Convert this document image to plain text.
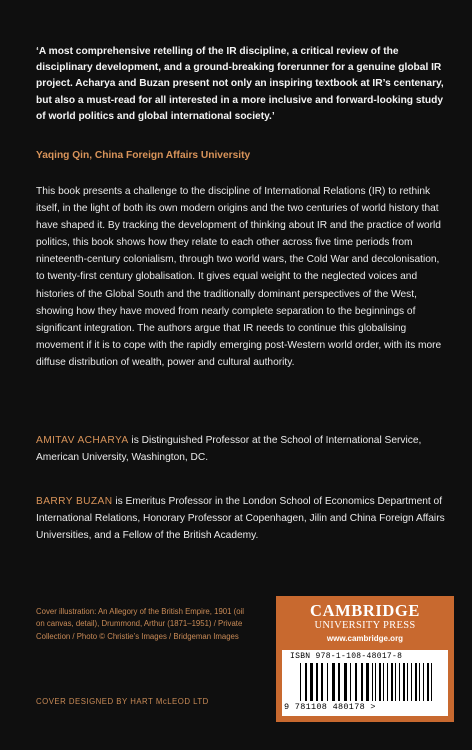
‘A most comprehensive retelling of the IR discipline, a critical review of the disciplinary development, and a ground-breaking forerunner for a genuine global IR project. Acharya and Buzan present not only an inspiring textbook at IR’s centenary, but also a must-read for all interested in a more inclusive and forward-looking study of world politics and global international society.’
Yaqing Qin, China Foreign Affairs University
This book presents a challenge to the discipline of International Relations (IR) to rethink itself, in the light of both its own modern origins and the two centuries of world history that have shaped it. By tracking the development of thinking about IR and the practice of world politics, this book shows how they relate to each other across five time periods from nineteenth-century colonialism, through two world wars, the Cold War and decolonisation, to twenty-first century globalisation. It gives equal weight to the neglected voices and histories of the Global South and the traditionally dominant perspectives of the West, showing how they have moved from nearly complete separation to the beginnings of significant integration. The authors argue that IR needs to continue this globalising movement if it is to cope with the rapidly emerging post-Western world order, with its more diffuse distribution of wealth, power and cultural authority.
AMITAV ACHARYA is Distinguished Professor at the School of International Service, American University, Washington, DC.
BARRY BUZAN is Emeritus Professor in the London School of Economics Department of International Relations, Honorary Professor at Copenhagen, Jilin and China Foreign Affairs Universities, and a Fellow of the British Academy.
Cover illustration: An Allegory of the British Empire, 1901 (oil on canvas, detail), Drummond, Arthur (1871–1951) / Private Collection / Photo © Christie’s Images / Bridgeman Images
COVER DESIGNED BY HART McLEOD LTD
CAMBRIDGE
UNIVERSITY PRESS
www.cambridge.org
ISBN 978-1-108-48017-8
9 781108 480178 >
